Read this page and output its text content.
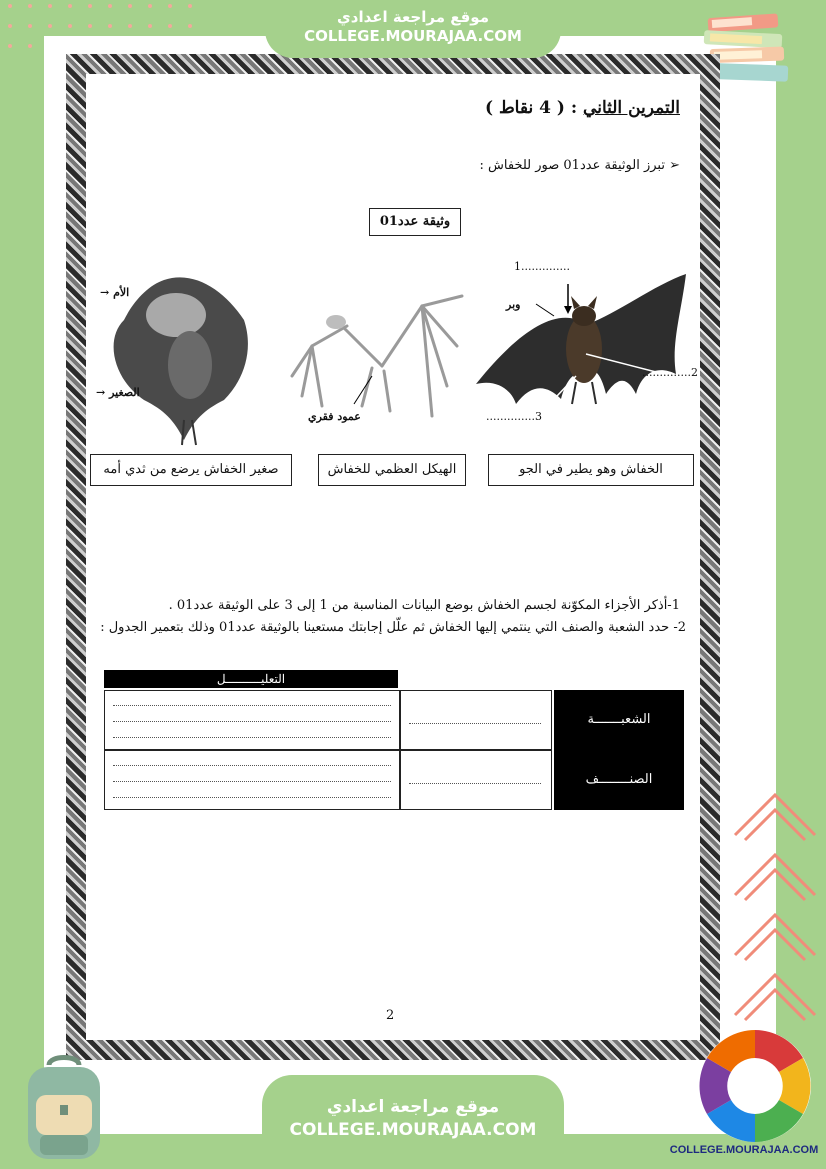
موقع مراجعة اعدادي
COLLEGE.MOURAJAA.COM
التمرين الثاني : ( 4 نقاط )
➢ تبرز الوثيقة عدد01 صور للخفاش :
وثيقة عدد01
1..............
..............2
..............3
وبر
عمود فقري
الأم →
الصغير →
الخفاش وهو يطير في الجو
الهيكل العظمي للخفاش
صغير الخفاش يرضع من ثدي أمه
1-أذكر الأجزاء المكوّنة لجسم الخفاش بوضع البيانات المناسبة من 1 إلى 3 على الوثيقة عدد01 .
2- حدد الشعبة والصنف التي ينتمي إليها الخفاش ثم علّل إجابتك مستعينا بالوثيقة عدد01 وذلك بتعمير الجدول :
التعليــــــــــل
الشعبـــــــة
الصنــــــــف
2
موقع مراجعة اعدادي
COLLEGE.MOURAJAA.COM
COLLEGE.MOURAJAA.COM
